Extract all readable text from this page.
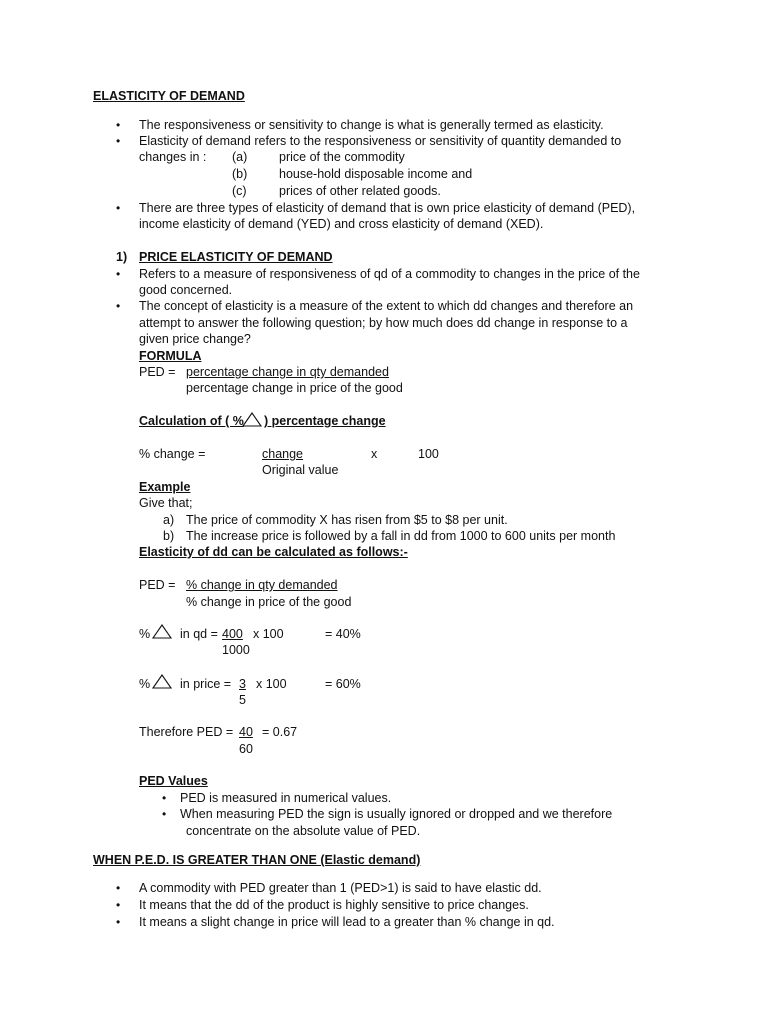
ELASTICITY OF DEMAND
• The responsiveness or sensitivity to change is what is generally termed as elasticity.
• Elasticity of demand refers to the responsiveness or sensitivity of quantity demanded to
changes in : (a)	price of the commodity
(b)	house-hold disposable income and
(c)	prices of other related goods.
• There are three types of elasticity of demand that is own price elasticity of demand (PED),
income elasticity of demand (YED) and cross elasticity of demand (XED).
1) PRICE ELASTICITY OF DEMAND
• Refers to a measure of responsiveness of qd of a commodity to changes in the price of the
good concerned.
• The concept of elasticity is a measure of the extent to which dd changes and therefore an
attempt to answer the following question; by how much does dd change in response to a
given price change?
FORMULA
PED = percentage change in qty demanded
percentage change in price of the good
Calculation of ( % ) percentage change
% change =	change	x	100
Original value
Example
Give that;
a) The price of commodity X has risen from $5 to $8 per unit.
b) The increase price is followed by a fall in dd from 1000 to 600 units per month
Elasticity of dd can be calculated as follows:-
PED = % change in qty demanded
% change in price of the good
% in qd = 400 x 100	= 40%
1000
% in price = 3 x 100	= 60%
5
Therefore PED = 40 = 0.67
60
PED Values
• PED is measured in numerical values.
• When measuring PED the sign is usually ignored or dropped and we therefore
concentrate on the absolute value of PED.
WHEN P.E.D. IS GREATER THAN ONE (Elastic demand)
• A commodity with PED greater than 1 (PED>1) is said to have elastic dd.
• It means that the dd of the product is highly sensitive to price changes.
• It means a slight change in price will lead to a greater than % change in qd.
